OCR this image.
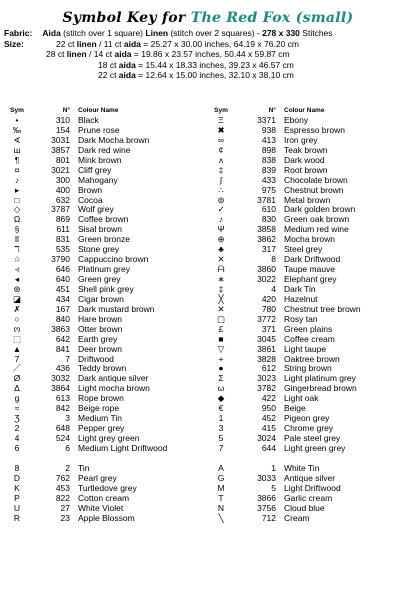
Symbol Key for The Red Fox (small)
Fabric: Aida (stitch over 1 square) Linen (stitch over 2 squares) - 278 x 330 Stitches
Size:	22 ct linen / 11 ct aida = 25.27 x 30.00 inches, 64.19 x 76.20 cm
28 ct linen / 14 ct aida = 19.86 x 23.57 inches, 50.44 x 59.87 cm
18 ct aida = 15.44 x 18.33 inches, 39.23 x 46.57 cm
22 ct aida = 12.64 x 15.00 inches, 32.10 x 38.10 cm
Sym	N° Colour Name
•	310 Black
‰	154 Prune rose
∢	3031 Dark Mocha brown
ш	3857 Dark red wine
¶	801 Mink brown
¤	3021 Cliff grey
♪	300 Mahogany
▸	400 Brown
□	632 Cocoa
◇	3787 Wolf grey
Ω	869 Coffee brown
§	611 Sisal brown
ʬ	831 Green bronze
ℸ	535 Stone grey
☆	3790 Cappuccino brown
◃	646 Platinum grey
◂	640 Green grey
⊛	451 Shell pink grey
◪	434 Cigar brown
✗	167 Dark mustard brown
○	840 Hare brown
ო	3863 Otter brown
⬚	642 Earth grey
▲	841 Deer brown
7	7 Driftwood
／	436 Teddy brown
Ø	3032 Dark antique silver
Δ	3864 Light mocha brown
g	613 Rope brown
≈	842 Beige rope
Ʒ	3 Medium Tin
2	648 Pepper grey
4	524 Light grey green
6	6 Medium Light Driftwood
8	2 Tin
D	762 Pearl grey
K	453 Turtledove grey
P	822 Cotton cream
U	27 White Violet
R	23 Apple Blossom
Sym	N° Colour Name
Ξ	3371 Ebony
✖	938 Espresso brown
∞	413 Iron grey
¢	898 Teak brown
ʌ	838 Dark wood
‡	839 Root brown
ʃ	433 Chocolate brown
∴	975 Chestnut brown
⊚	3781 Metal brown
✓	610 Dark golden brown
♪	830 Green oak brown
Ψ	3858 Medium red wine
⊕	3862 Mocha brown
♣	317 Steel grey
✕	8 Dark Driftwood
ᗩ	3860 Taupe mauve
∗	3022 Elephant grey
‡	4 Dark Tin
╳	420 Hazelnut
✕	780 Chestnut tree brown
▢	3772 Rosy tan
£	371 Green plains
■	3045 Coffee cream
▽	3861 Light taupe
+	3828 Oaktree brown
●	612 String brown
Σ	3023 Light platinum grey
ω	3782 Gingerbread brown
◆	422 Light oak
€	950 Beige
1	452 Pigeon grey
3	415 Chrome grey
5	3024 Pale steel grey
7	644 Light green grey
A	1 White Tin
G	3033 Antique silver
M	5 Light Driftwood
T	3866 Garlic cream
N	3756 Cloud blue
╲	712 Cream
